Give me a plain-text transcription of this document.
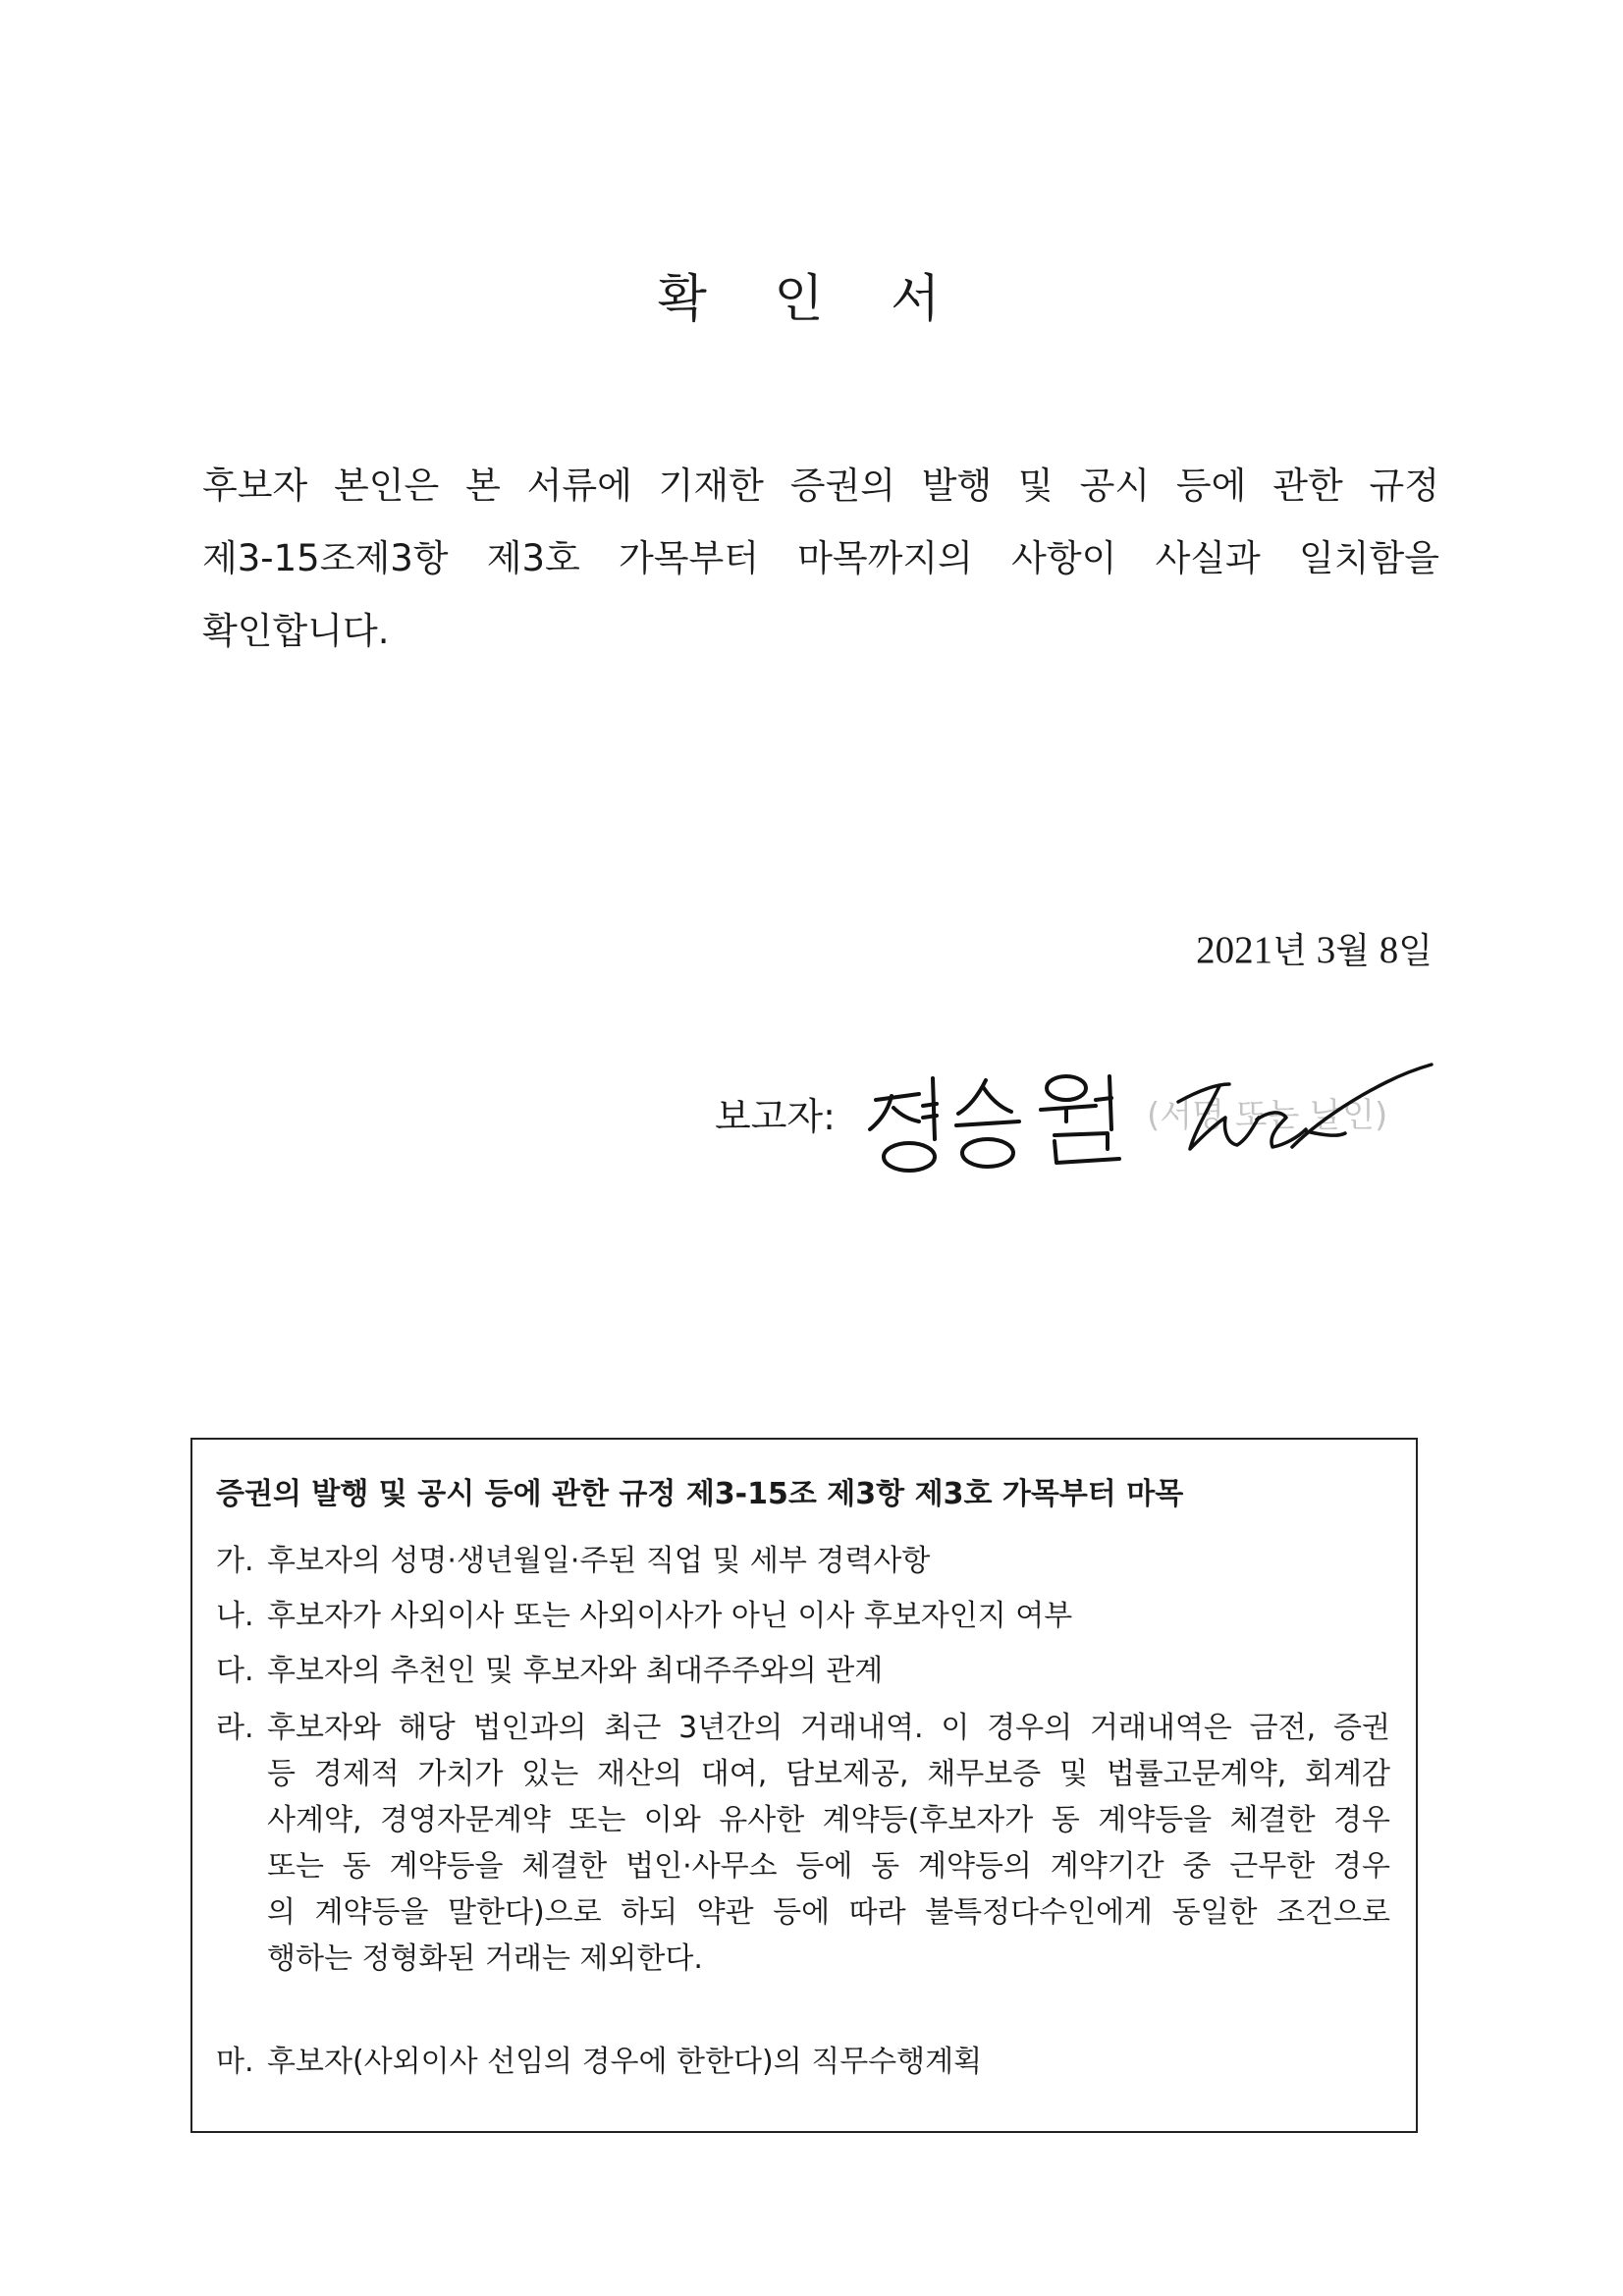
확 인 서
후보자 본인은 본 서류에 기재한 증권의 발행 및 공시 등에 관한 규정
제3-15조제3항 제3호 가목부터 마목까지의 사항이 사실과 일치함을
확인합니다.
2021년 3월 8일
보고자:	(서명 또는 날인)
증권의 발행 및 공시 등에 관한 규정 제3-15조 제3항 제3호 가목부터 마목
가. 후보자의 성명·생년월일·주된 직업 및 세부 경력사항
나. 후보자가 사외이사 또는 사외이사가 아닌 이사 후보자인지 여부
다. 후보자의 추천인 및 후보자와 최대주주와의 관계
라. 후보자와 해당 법인과의 최근 3년간의 거래내역. 이 경우의 거래내역은 금전, 증권
등 경제적 가치가 있는 재산의 대여, 담보제공, 채무보증 및 법률고문계약, 회계감
사계약, 경영자문계약 또는 이와 유사한 계약등(후보자가 동 계약등을 체결한 경우
또는 동 계약등을 체결한 법인·사무소 등에 동 계약등의 계약기간 중 근무한 경우
의 계약등을 말한다)으로 하되 약관 등에 따라 불특정다수인에게 동일한 조건으로
행하는 정형화된 거래는 제외한다.
마. 후보자(사외이사 선임의 경우에 한한다)의 직무수행계획
